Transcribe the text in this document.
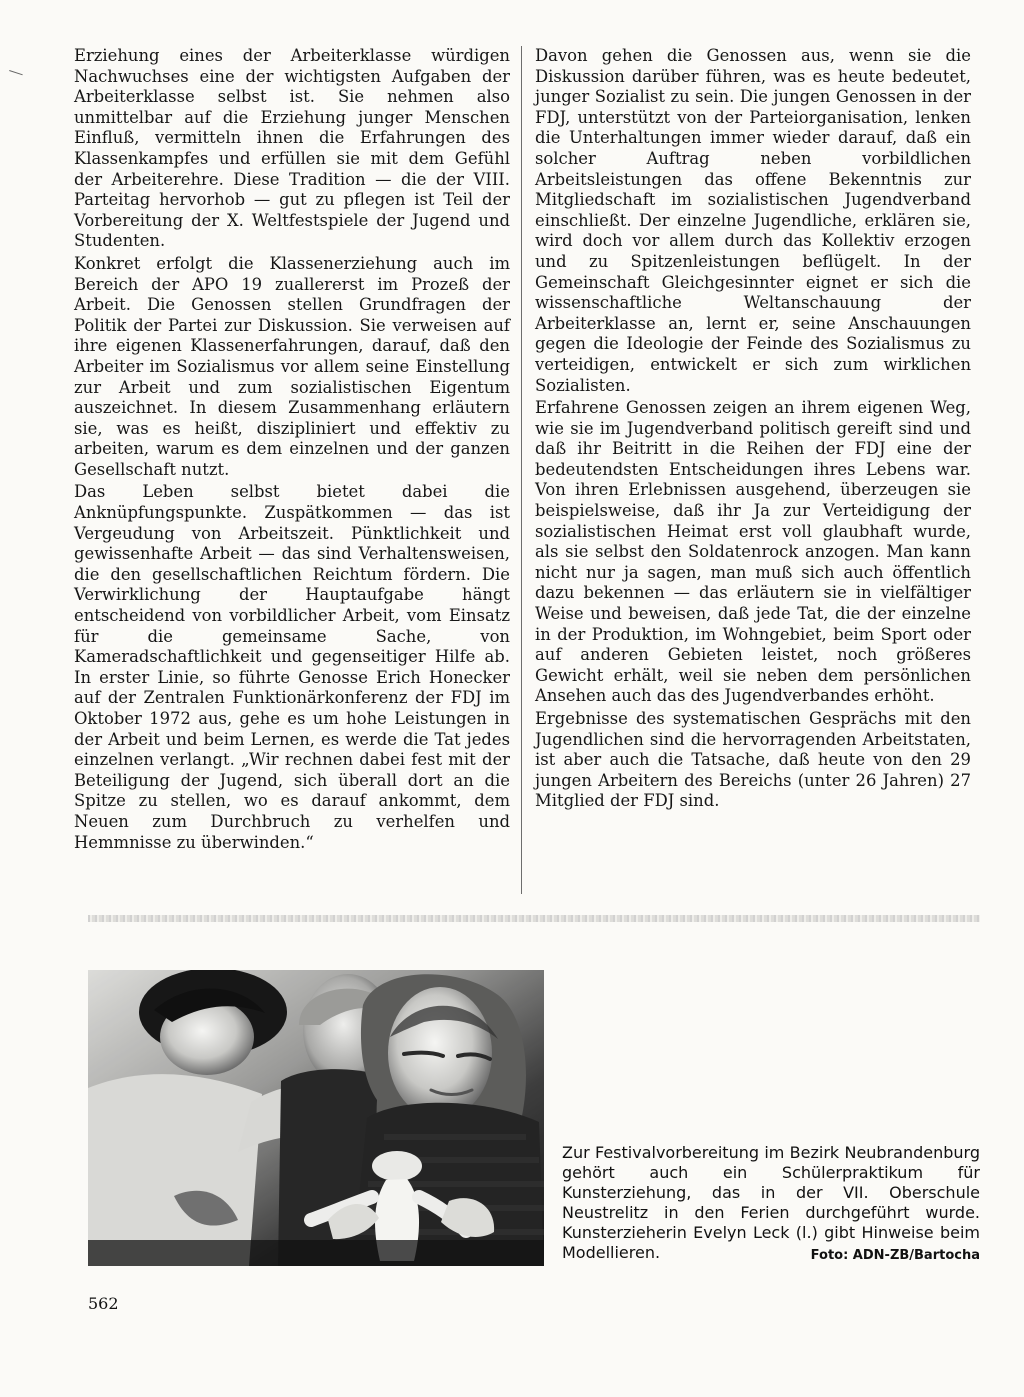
Erziehung eines der Arbeiterklasse würdigen Nachwuchses eine der wichtigsten Aufgaben der Arbeiterklasse selbst ist. Sie nehmen also unmittelbar auf die Erziehung junger Menschen Einfluß, vermitteln ihnen die Erfahrungen des Klassenkampfes und erfüllen sie mit dem Gefühl der Arbeiterehre. Diese Tradition — die der VIII. Parteitag hervorhob — gut zu pflegen ist Teil der Vorbereitung der X. Weltfestspiele der Jugend und Studenten.

Konkret erfolgt die Klassenerziehung auch im Bereich der APO 19 zuallererst im Prozeß der Arbeit. Die Genossen stellen Grundfragen der Politik der Partei zur Diskussion. Sie verweisen auf ihre eigenen Klassenerfahrungen, darauf, daß den Arbeiter im Sozialismus vor allem seine Einstellung zur Arbeit und zum sozialistischen Eigentum auszeichnet. In diesem Zusammenhang erläutern sie, was es heißt, diszipliniert und effektiv zu arbeiten, warum es dem einzelnen und der ganzen Gesellschaft nutzt.

Das Leben selbst bietet dabei die Anknüpfungspunkte. Zuspätkommen — das ist Vergeudung von Arbeitszeit. Pünktlichkeit und gewissenhafte Arbeit — das sind Verhaltensweisen, die den gesellschaftlichen Reichtum fördern. Die Verwirklichung der Hauptaufgabe hängt entscheidend von vorbildlicher Arbeit, vom Einsatz für die gemeinsame Sache, von Kameradschaftlichkeit und gegenseitiger Hilfe ab. In erster Linie, so führte Genosse Erich Honecker auf der Zentralen Funktionärkonferenz der FDJ im Oktober 1972 aus, gehe es um hohe Leistungen in der Arbeit und beim Lernen, es werde die Tat jedes einzelnen verlangt. „Wir rechnen dabei fest mit der Beteiligung der Jugend, sich überall dort an die Spitze zu stellen, wo es darauf ankommt, dem Neuen zum Durchbruch zu verhelfen und Hemmnisse zu überwinden.“

Davon gehen die Genossen aus, wenn sie die Diskussion darüber führen, was es heute bedeutet, junger Sozialist zu sein. Die jungen Genossen in der FDJ, unterstützt von der Parteiorganisation, lenken die Unterhaltungen immer wieder darauf, daß ein solcher Auftrag neben vorbildlichen Arbeitsleistungen das offene Bekenntnis zur Mitgliedschaft im sozialistischen Jugendverband einschließt. Der einzelne Jugendliche, erklären sie, wird doch vor allem durch das Kollektiv erzogen und zu Spitzenleistungen beflügelt. In der Gemeinschaft Gleichgesinnter eignet er sich die wissenschaftliche Weltanschauung der Arbeiterklasse an, lernt er, seine Anschauungen gegen die Ideologie der Feinde des Sozialismus zu verteidigen, entwickelt er sich zum wirklichen Sozialisten.

Erfahrene Genossen zeigen an ihrem eigenen Weg, wie sie im Jugendverband politisch gereift sind und daß ihr Beitritt in die Reihen der FDJ eine der bedeutendsten Entscheidungen ihres Lebens war. Von ihren Erlebnissen ausgehend, überzeugen sie beispielsweise, daß ihr Ja zur Verteidigung der sozialistischen Heimat erst voll glaubhaft wurde, als sie selbst den Soldatenrock anzogen. Man kann nicht nur ja sagen, man muß sich auch öffentlich dazu bekennen — das erläutern sie in vielfältiger Weise und beweisen, daß jede Tat, die der einzelne in der Produktion, im Wohngebiet, beim Sport oder auf anderen Gebieten leistet, noch größeres Gewicht erhält, weil sie neben dem persönlichen Ansehen auch das des Jugendverbandes erhöht.

Ergebnisse des systematischen Gesprächs mit den Jugendlichen sind die hervorragenden Arbeitstaten, ist aber auch die Tatsache, daß heute von den 29 jungen Arbeitern des Bereichs (unter 26 Jahren) 27 Mitglied der FDJ sind.

Zur Festivalvorbereitung im Bezirk Neubrandenburg gehört auch ein Schülerpraktikum für Kunsterziehung, das in der VII. Oberschule Neustrelitz in den Ferien durchgeführt wurde. Kunsterzieherin Evelyn Leck (l.) gibt Hinweise beim Modellieren.	Foto: ADN-ZB/Bartocha
562
